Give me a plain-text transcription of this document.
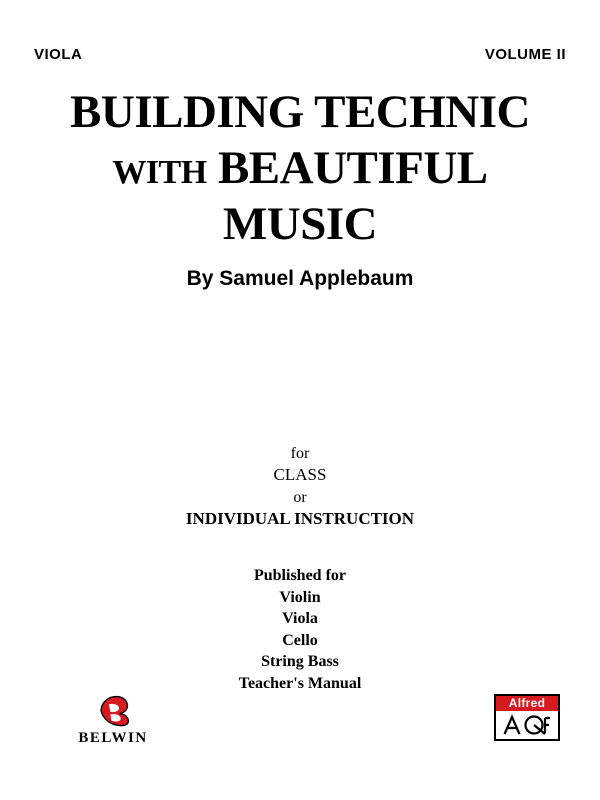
VIOLA	VOLUME II
BUILDING TECHNIC
WITH BEAUTIFUL
MUSIC
By Samuel Applebaum
for
CLASS
or
INDIVIDUAL INSTRUCTION
Published for
Violin
Viola
Cello
String Bass
Teacher's Manual
BELWIN
Alfred
